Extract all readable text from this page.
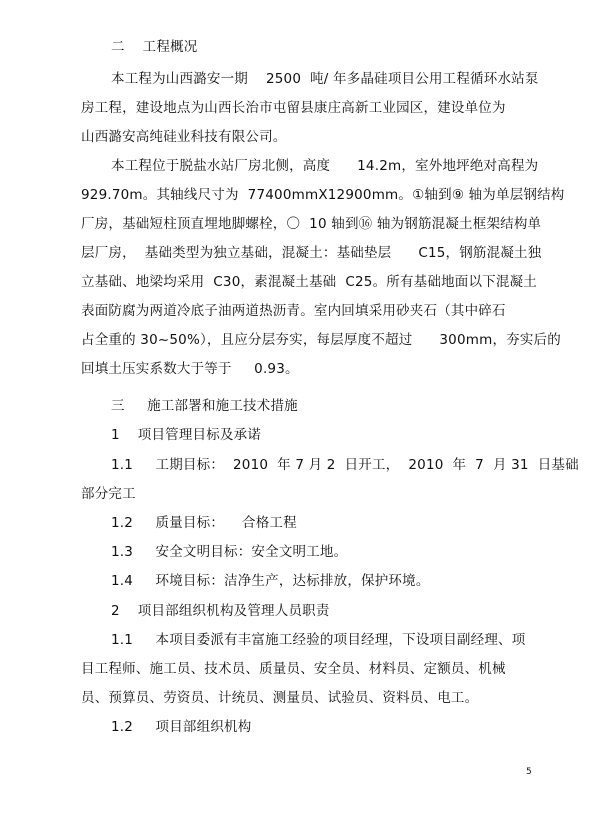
二    工程概况
本工程为山西潞安一期    2500  吨/ 年多晶硅项目公用工程循环水站泵
房工程，建设地点为山西长治市屯留县康庄高新工业园区，建设单位为
山西潞安高纯硅业科技有限公司。
本工程位于脱盐水站厂房北侧，高度      14.2m，室外地坪绝对高程为
929.70m。其轴线尺寸为  77400mmX12900mm。①轴到⑨ 轴为单层钢结构
厂房，基础短柱顶直埋地脚螺栓，〇  10 轴到⑯ 轴为钢筋混凝土框架结构单
层厂房，  基础类型为独立基础，混凝土：基础垫层      C15，钢筋混凝土独
立基础、地梁均采用  C30，素混凝土基础  C25。所有基础地面以下混凝土
表面防腐为两道冷底子油两道热沥青。室内回填采用砂夹石（其中碎石
占全重的 30~50%），且应分层夯实，每层厚度不超过      300mm，夯实后的
回填土压实系数大于等于     0.93。
三     施工部署和施工技术措施
1    项目管理目标及承诺
1.1     工期目标：  2010  年 7 月 2  日开工，  2010  年  7  月 31  日基础
部分完工
1.2     质量目标：    合格工程
1.3     安全文明目标：安全文明工地。
1.4     环境目标：洁净生产，达标排放，保护环境。
2    项目部组织机构及管理人员职责
1.1     本项目委派有丰富施工经验的项目经理，下设项目副经理、项
目工程师、施工员、技术员、质量员、安全员、材料员、定额员、机械
员、预算员、劳资员、计统员、测量员、试验员、资料员、电工。
1.2     项目部组织机构
5
